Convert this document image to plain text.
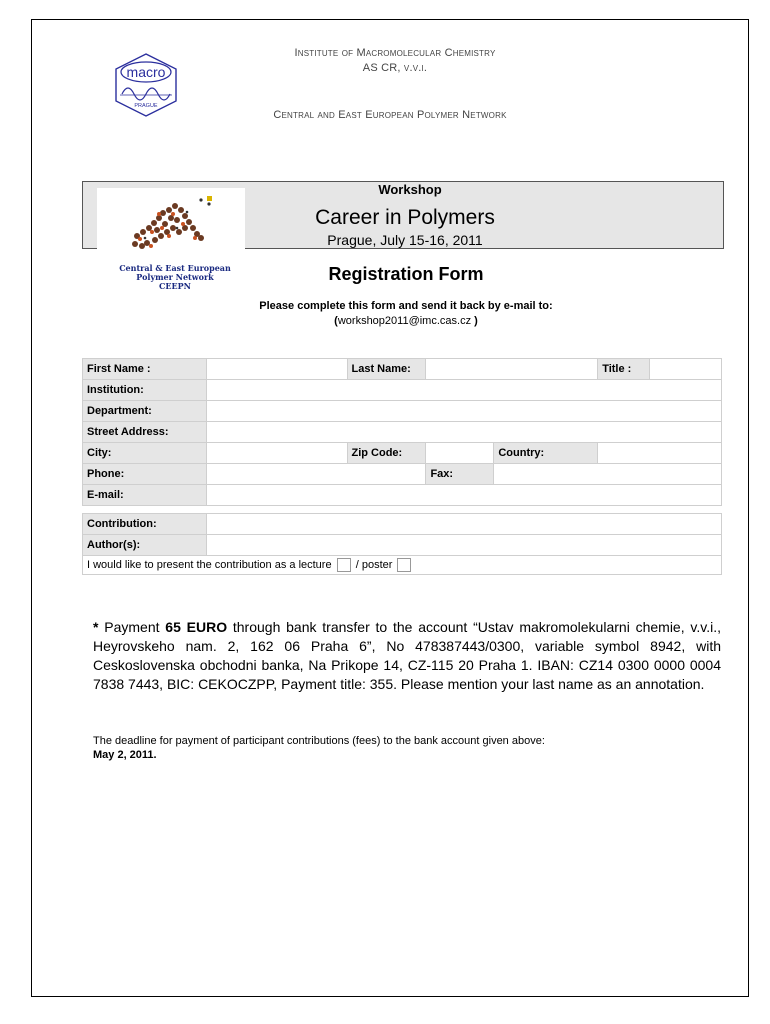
macro
PRAGUE
Institute of Macromolecular Chemistry
AS CR, v.v.i.
Central and East European Polymer Network
Workshop
Career in Polymers
Prague, July 15-16, 2011
Central & East European
Polymer Network
CEEPN
Registration Form
Please complete this form and send it back by e-mail to:
(workshop2011@imc.cas.cz )
First Name :		Last Name:			Title :	
Institution:						
Department:						
Street Address:						
City:		Zip Code:		Country:		
Phone:			Fax:			
E-mail:						
Contribution:	
Author(s):	
I would like to present the contribution as a lecture / poster	
* Payment 65 EURO through bank transfer to the account “Ustav makromolekularni chemie, v.v.i., Heyrovskeho nam. 2, 162 06 Praha 6”, No 478387443/0300, variable symbol 8942, with Ceskoslovenska obchodni banka, Na Prikope 14, CZ-115 20 Praha 1. IBAN: CZ14 0300 0000 0004 7838 7443, BIC: CEKOCZPP, Payment title: 355. Please mention your last name as an annotation.
The deadline for payment of participant contributions (fees) to the bank account given above:
May 2, 2011.
